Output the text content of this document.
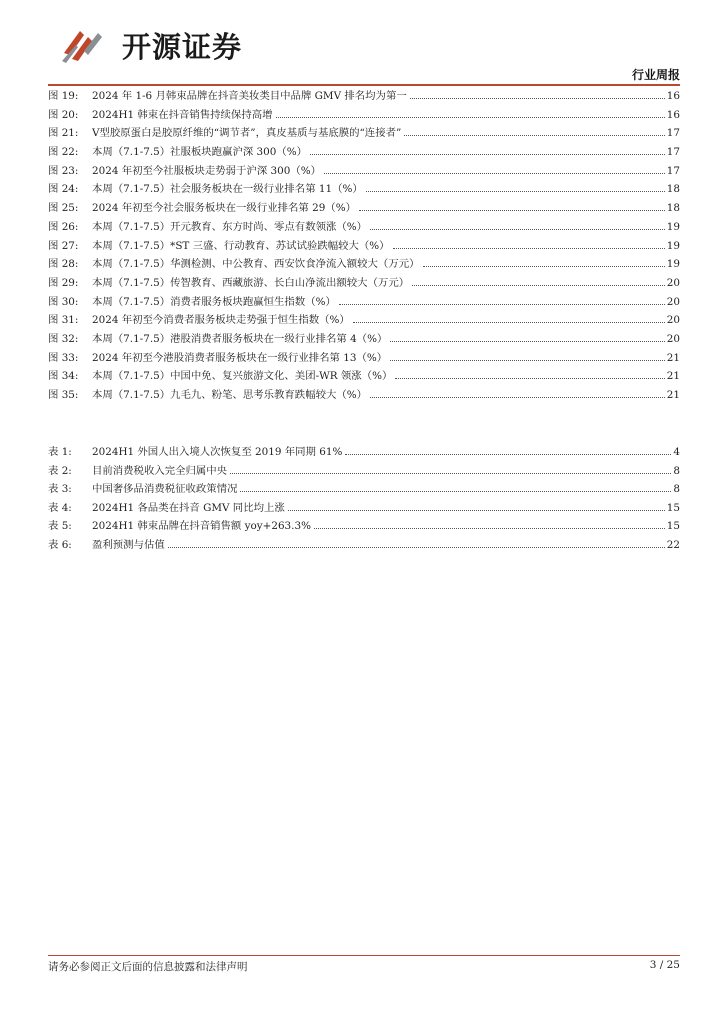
开源证券
行业周报
图 19:	2024 年 1-6 月韩束品牌在抖音美妆类目中品牌 GMV 排名均为第一	16
图 20:	2024H1 韩束在抖音销售持续保持高增	16
图 21:	V型胶原蛋白是胶原纤维的“调节者”，真皮基质与基底膜的“连接者”	17
图 22:	本周（7.1-7.5）社服板块跑赢沪深 300（%）	17
图 23:	2024 年初至今社服板块走势弱于沪深 300（%）	17
图 24:	本周（7.1-7.5）社会服务板块在一级行业排名第 11（%）	18
图 25:	2024 年初至今社会服务板块在一级行业排名第 29（%）	18
图 26:	本周（7.1-7.5）开元教育、东方时尚、零点有数领涨（%）	19
图 27:	本周（7.1-7.5）*ST 三盛、行动教育、苏试试验跌幅较大（%）	19
图 28:	本周（7.1-7.5）华测检测、中公教育、西安饮食净流入额较大（万元）	19
图 29:	本周（7.1-7.5）传智教育、西藏旅游、长白山净流出额较大（万元）	20
图 30:	本周（7.1-7.5）消费者服务板块跑赢恒生指数（%）	20
图 31:	2024 年初至今消费者服务板块走势强于恒生指数（%）	20
图 32:	本周（7.1-7.5）港股消费者服务板块在一级行业排名第 4（%）	20
图 33:	2024 年初至今港股消费者服务板块在一级行业排名第 13（%）	21
图 34:	本周（7.1-7.5）中国中免、复兴旅游文化、美团-WR 领涨（%）	21
图 35:	本周（7.1-7.5）九毛九、粉笔、思考乐教育跌幅较大（%）	21
表 1:	2024H1 外国人出入境人次恢复至 2019 年同期 61%	4
表 2:	目前消费税收入完全归属中央	8
表 3:	中国奢侈品消费税征收政策情况	8
表 4:	2024H1 各品类在抖音 GMV 同比均上涨	15
表 5:	2024H1 韩束品牌在抖音销售额 yoy+263.3%	15
表 6:	盈利预测与估值	22
请务必参阅正文后面的信息披露和法律声明	3 / 25
